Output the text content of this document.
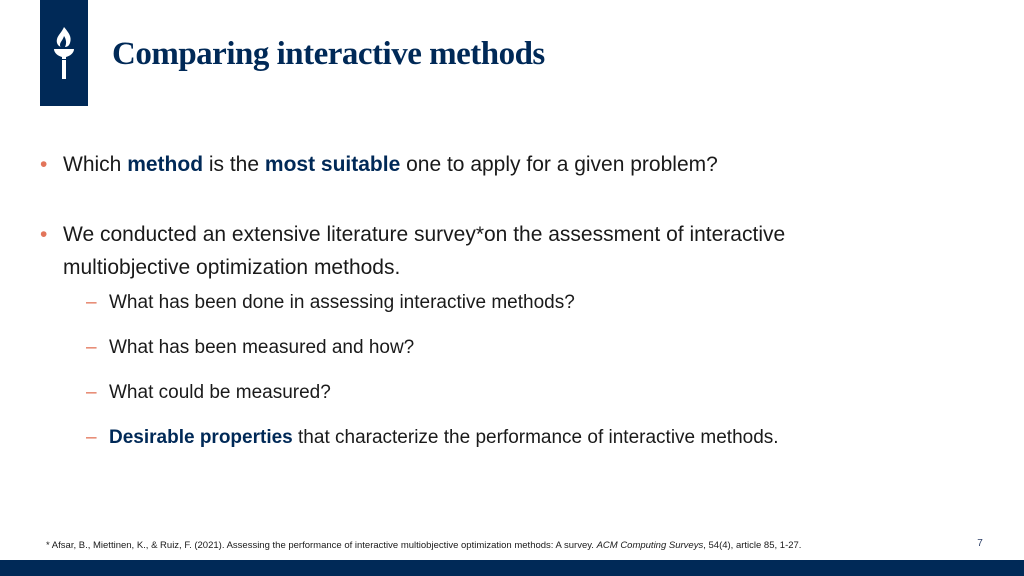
Comparing interactive methods

• Which method is the most suitable one to apply for a given problem?

• We conducted an extensive literature survey*on the assessment of interactive
multiobjective optimization methods.
– What has been done in assessing interactive methods?
– What has been measured and how?
– What could be measured?
– Desirable properties that characterize the performance of interactive methods.
* Afsar, B., Miettinen, K., & Ruiz, F. (2021). Assessing the performance of interactive multiobjective optimization methods: A survey. ACM Computing Surveys, 54(4), article 85, 1-27.	7
